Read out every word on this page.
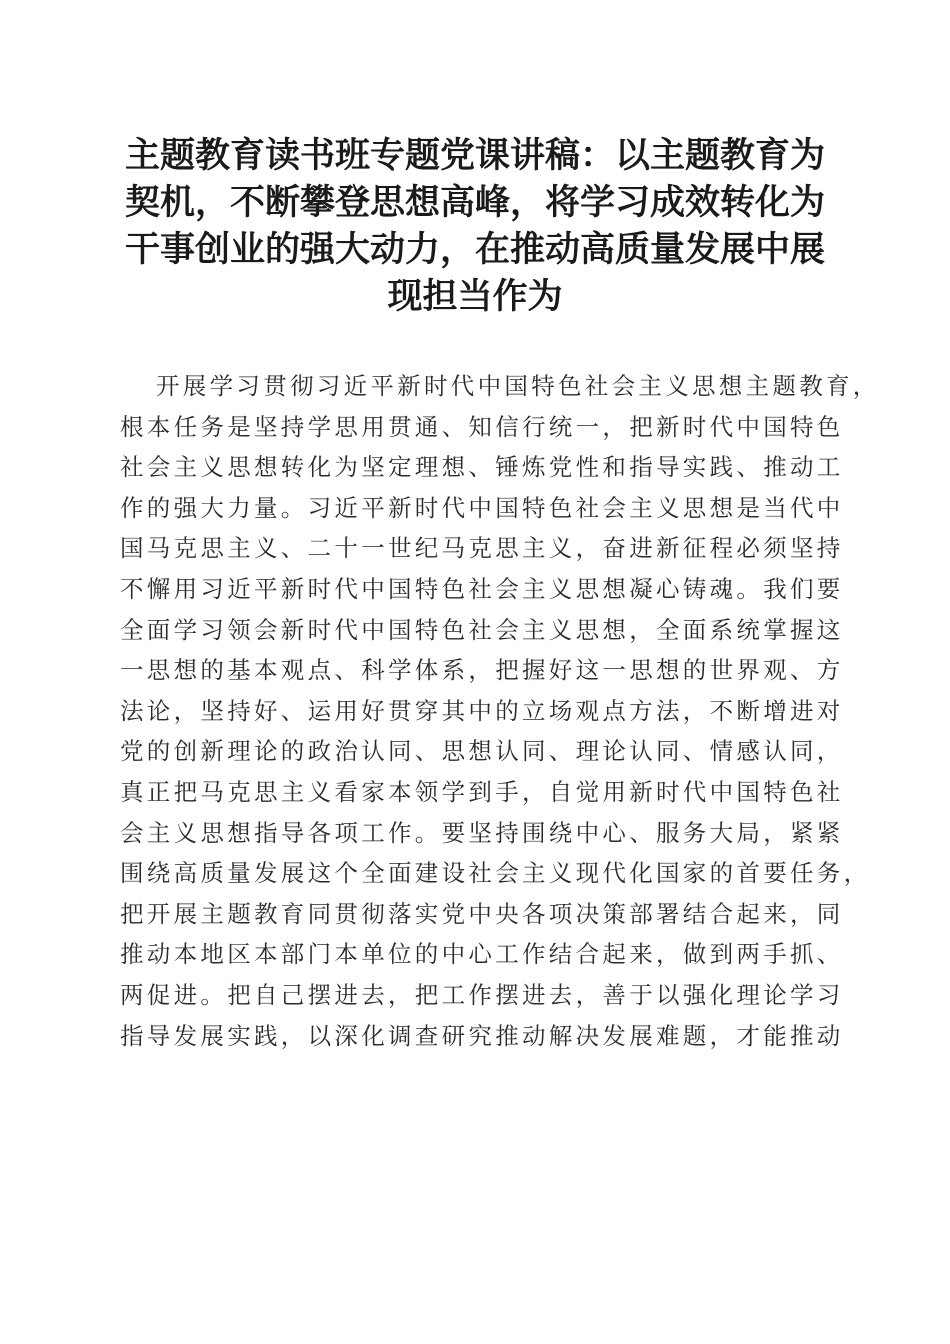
主题教育读书班专题党课讲稿：以主题教育为
契机，不断攀登思想高峰，将学习成效转化为
干事创业的强大动力，在推动高质量发展中展
现担当作为
开展学习贯彻习近平新时代中国特色社会主义思想主题教育，
根本任务是坚持学思用贯通、知信行统一，把新时代中国特色
社会主义思想转化为坚定理想、锤炼党性和指导实践、推动工
作的强大力量。习近平新时代中国特色社会主义思想是当代中
国马克思主义、二十一世纪马克思主义，奋进新征程必须坚持
不懈用习近平新时代中国特色社会主义思想凝心铸魂。我们要
全面学习领会新时代中国特色社会主义思想，全面系统掌握这
一思想的基本观点、科学体系，把握好这一思想的世界观、方
法论，坚持好、运用好贯穿其中的立场观点方法，不断增进对
党的创新理论的政治认同、思想认同、理论认同、情感认同，
真正把马克思主义看家本领学到手，自觉用新时代中国特色社
会主义思想指导各项工作。要坚持围绕中心、服务大局，紧紧
围绕高质量发展这个全面建设社会主义现代化国家的首要任务，
把开展主题教育同贯彻落实党中央各项决策部署结合起来，同
推动本地区本部门本单位的中心工作结合起来，做到两手抓、
两促进。把自己摆进去，把工作摆进去，善于以强化理论学习
指导发展实践，以深化调查研究推动解决发展难题，才能推动
